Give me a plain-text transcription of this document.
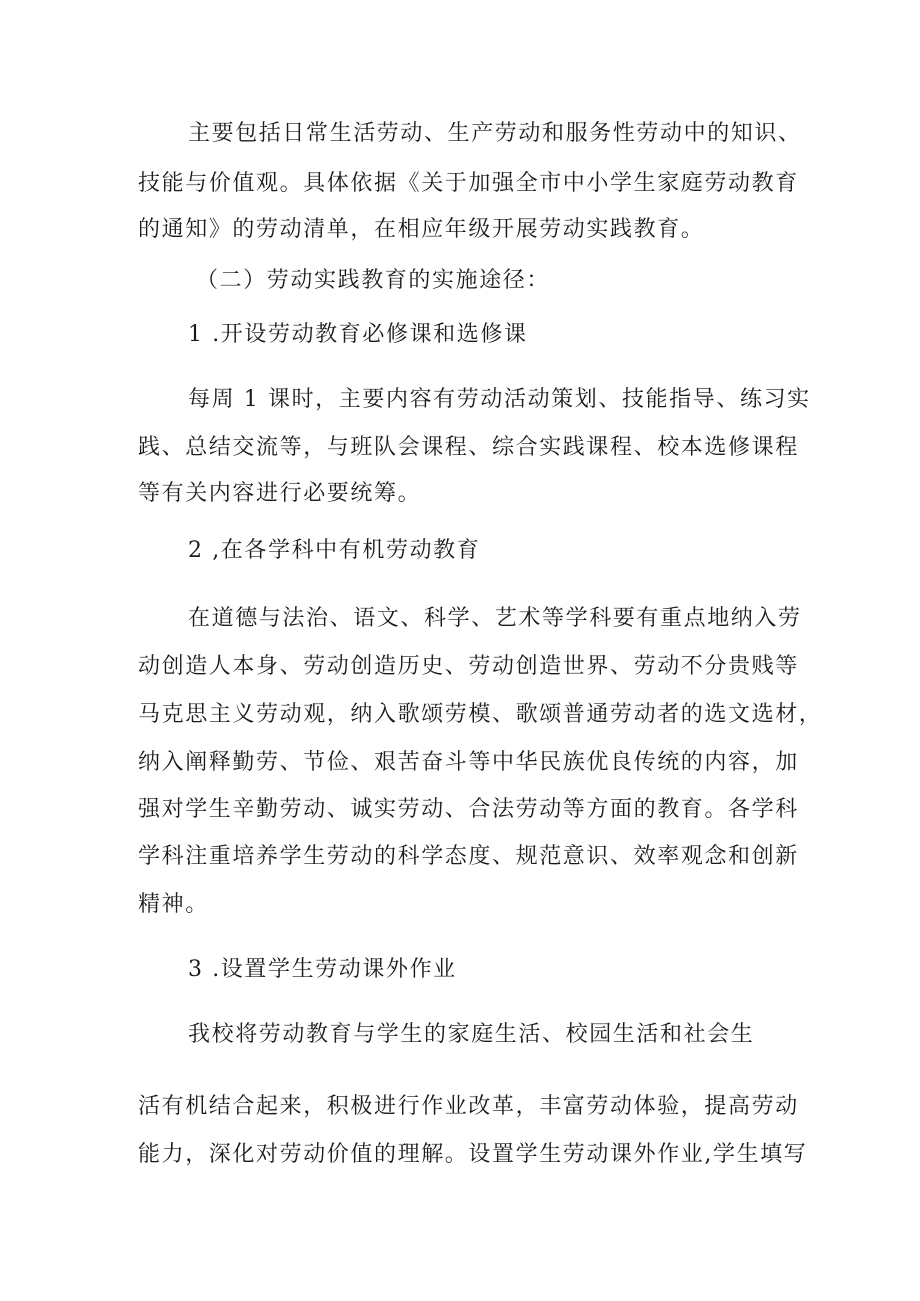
主要包括日常生活劳动、生产劳动和服务性劳动中的知识、
技能与价值观。具体依据《关于加强全市中小学生家庭劳动教育
的通知》的劳动清单，在相应年级开展劳动实践教育。
（二）劳动实践教育的实施途径：
1 .开设劳动教育必修课和选修课
每周 1 课时，主要内容有劳动活动策划、技能指导、练习实
践、总结交流等，与班队会课程、综合实践课程、校本选修课程
等有关内容进行必要统筹。
2 ,在各学科中有机劳动教育
在道德与法治、语文、科学、艺术等学科要有重点地纳入劳
动创造人本身、劳动创造历史、劳动创造世界、劳动不分贵贱等
马克思主义劳动观，纳入歌颂劳模、歌颂普通劳动者的选文选材，
纳入阐释勤劳、节俭、艰苦奋斗等中华民族优良传统的内容，加
强对学生辛勤劳动、诚实劳动、合法劳动等方面的教育。各学科
学科注重培养学生劳动的科学态度、规范意识、效率观念和创新
精神。
3 .设置学生劳动课外作业
我校将劳动教育与学生的家庭生活、校园生活和社会生
活有机结合起来，积极进行作业改革，丰富劳动体验，提高劳动
能力，深化对劳动价值的理解。设置学生劳动课外作业,学生填写
